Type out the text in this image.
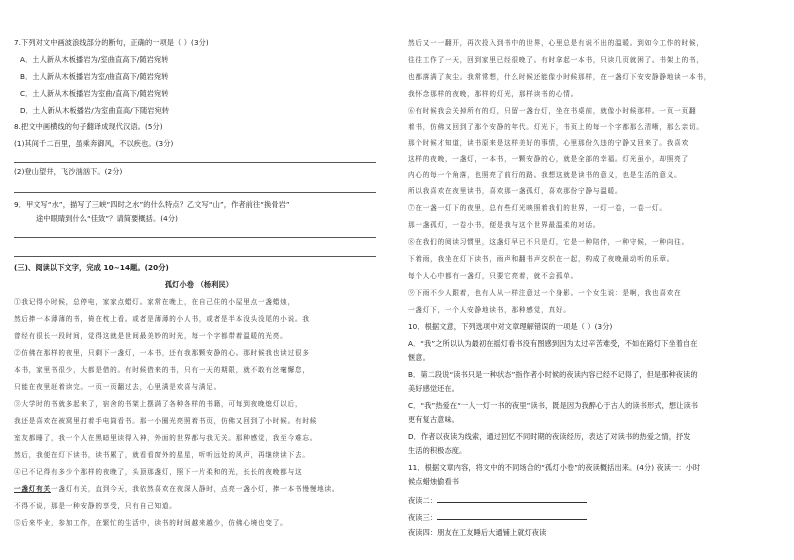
7.下列对文中画波浪线部分的断句，正确的一项是（ ）(3分)
A．土人新从木板播岩为/室曲直高下/随岩宛转
B．土人新从木板播岩为室/曲直高下/随岩宛转
C．土人新从木板播岩为室曲/直高下/随岩宛转
D．土人新从木板播岩/为室曲直高/下随岩宛转
8.把文中画横线的句子翻译成现代汉语。(5分)
(1)其间千二百里，虽乘奔御风，不以疾也。(3分)
(2)登山望井，飞沙汹汹下。(2分)
9．甲文写“水”，描写了三峡“四时之水”的什么特点？乙文写“山”，作者前往“换骨岩”
途中眼睛到什么“佳致”？请简要概括。(4分)
(三)、阅读以下文字，完成 10~14题。(20分)
孤灯小卷 （杨利民）
①我记得小时候，总停电，家家点蜡灯。家常在晚上，在自己住的小屋里点一盏蜡烛，
然后捧一本薄薄的书，倚在枕上看。或者是薄薄的小人书，或者是半本没头没尾的小说。我
曾经有很长一段时间，觉得这就是世间最美妙的时光，每一个字都带着温暖的光亮。
②仿佛在那样的夜里，只剩下一盏灯，一本书，还有我那颗安静的心。那时候我也读过很多
本书，家里书很少，大都是借的。有时候借来的书，只有一天的期限，就不敢有丝毫懈怠，
只能在夜里赶着读完。一页一页翻过去，心里满是欢喜与满足。
③大学时的书就多起来了，宿舍的书架上摆满了各种各样的书籍，可每到夜晚熄灯以后，
我还是喜欢在被窝里打着手电筒看书。那一小圈光亮照着书页，仿佛又回到了小时候。有时候
室友都睡了，我一个人在黑暗里读得入神，外面的世界都与我无关。那种感觉，我至今难忘。
然后，我便在灯下读书，读书累了，就看看窗外的星星，听听远处的风声，再继续读下去。
④已不记得有多少个那样的夜晚了，头顶那盏灯，照下一片柔和的光，长长的夜晚都与这
一盏灯有关一盏灯有关，直到今天，我依然喜欢在夜深人静时，点亮一盏小灯，捧一本书慢慢地读。
不得不说，那是一种安静的享受，只有自己知道。
⑤后来毕业，参加工作，在繁忙的生活中，读书的时间越来越少，仿佛心境也变了。
然后又一一翻开，再次投入到书中的世界，心里总是有说不出的温暖。到如今工作的时候，
往往工作了一天，回到家里已经很晚了。有时拿起一本书，只读几页就困了。书架上的书，
也都落满了灰尘。我常常想，什么时候还能像小时候那样，在一盏灯下安安静静地读一本书，
我怀念那样的夜晚，那样的灯光，那样读书的心情。
⑥有时候我会关掉所有的灯，只留一盏台灯，坐在书桌前，就像小时候那样。一页一页翻
着书，仿佛又回到了那个安静的年代。灯光下，书页上的每一个字都那么清晰，那么亲切。
那个时候才知道，读书原来是这样美好的事情，心里那份久违的宁静又回来了。我喜欢
这样的夜晚，一盏灯，一本书，一颗安静的心，就是全部的幸福。灯光虽小，却照亮了
内心的每一个角落，也照亮了前行的路。我想这就是读书的意义，也是生活的意义。
所以我喜欢在夜里读书，喜欢那一盏孤灯，喜欢那份宁静与温暖。
⑦在一盏一灯下的夜里，总有些灯光映照着我们的世界，一灯一卷，一卷一灯。
那一盏孤灯，一卷小书，便是我与这个世界最温柔的对话。
⑧在我们的阅读习惯里，这盏灯早已不只是灯，它是一种陪伴，一种守候，一种向往。
下着雨，我坐在灯下读书，雨声和翻书声交织在一起，构成了夜晚最动听的乐章。
每个人心中都有一盏灯，只要它亮着，就不会孤单。
⑨下雨不少人跟着，也有人从一样注意过一个身影。一个女生说：是啊，我也喜欢在
一盏灯下，一个人安静地读书，那种感觉，真好。
10．根据文意，下列选项中对文章理解错误的一项是（ ）(3分)
A．“我”之所以认为最初在摇灯看书没有图感到因为太过辛苦难受，不如在路灯下坐着自在
惬意。
B．第二段说“读书只是一种状态”指作者小时候的夜读内容已经不记得了，但是那种夜读的
美好感觉还在。
C．“我”热爱在“一人一灯一书的夜里”读书，既是因为我醉心于古人的读书形式，想让读书
更有复古意味。
D．作者以夜读为线索，通过回忆不同时期的夜读经历，表达了对读书的热爱之情，抒发
生活的积极态度。
11．根据文章内容，将文中的不同场合的“孤灯小卷”的夜读概括出来。(4分) 夜读一：小时
候点蜡烛偷看书
夜读二：
夜读三：
夜读四：朋友在工友睡后大通铺上就灯夜读
